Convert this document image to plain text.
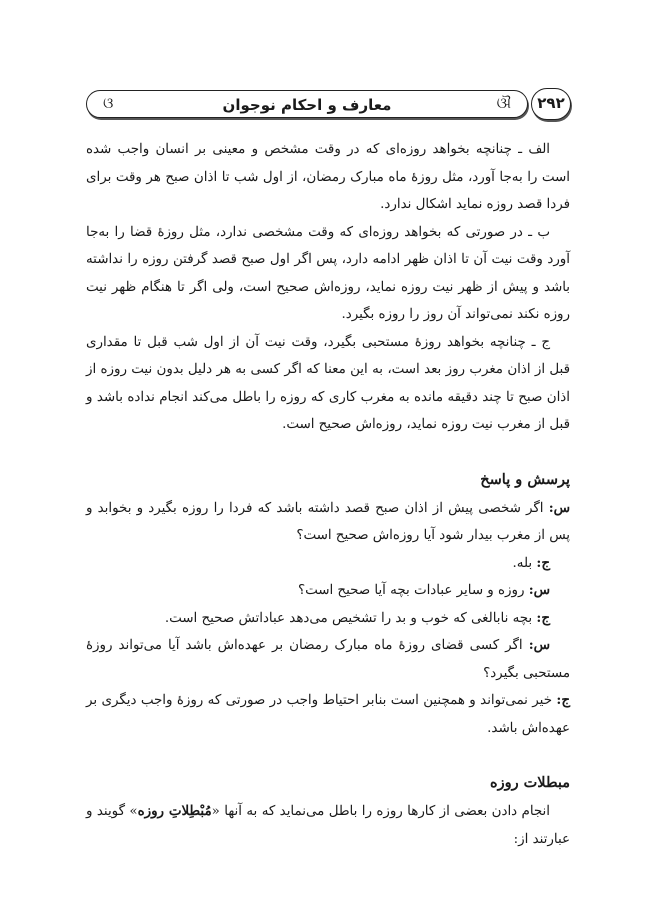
ଓ	معارف و احکام نوجوان	ଔ	۲۹۲

الف ـ چنانچه بخواهد روزه‌ای که در وقت مشخص و معینی بر انسان واجب شده است را به‌جا آورد، مثل روزهٔ ماه مبارک رمضان، از اول شب تا اذان صبح هر وقت برای فردا قصد روزه نماید اشکال ندارد.

ب ـ در صورتی که بخواهد روزه‌ای که وقت مشخصی ندارد، مثل روزهٔ قضا را به‌جا آورد وقت نیت آن تا اذان ظهر ادامه دارد، پس اگر اول صبح قصد گرفتن روزه را نداشته باشد و پیش از ظهر نیت روزه نماید، روزه‌اش صحیح است، ولی اگر تا هنگام ظهر نیت روزه نکند نمی‌تواند آن روز را روزه بگیرد.

ج ـ چنانچه بخواهد روزهٔ مستحبی بگیرد، وقت نیت آن از اول شب قبل تا مقداری قبل از اذان مغرب روز بعد است، به این معنا که اگر کسی به هر دلیل بدون نیت روزه از اذان صبح تا چند دقیقه مانده به مغرب کاری که روزه را باطل می‌کند انجام نداده باشد و قبل از مغرب نیت روزه نماید، روزه‌اش صحیح است.

پرسش و پاسخ

س: اگر شخصی پیش از اذان صبح قصد داشته باشد که فردا را روزه بگیرد و بخوابد و پس از مغرب بیدار شود آیا روزه‌اش صحیح است؟

ج: بله.

س: روزه و سایر عبادات بچه آیا صحیح است؟

ج: بچه نابالغی که خوب و بد را تشخیص می‌دهد عباداتش صحیح است.

س: اگر کسی قضای روزهٔ ماه مبارک رمضان بر عهده‌اش باشد آیا می‌تواند روزهٔ مستحبی بگیرد؟

ج: خیر نمی‌تواند و همچنین است بنابر احتیاط واجب در صورتی که روزهٔ واجب دیگری بر عهده‌اش باشد.

مبطلات روزه

انجام دادن بعضی از کارها روزه را باطل می‌نماید که به آنها «مُبْطِلاتِ روزه» گویند و عبارتند از:
